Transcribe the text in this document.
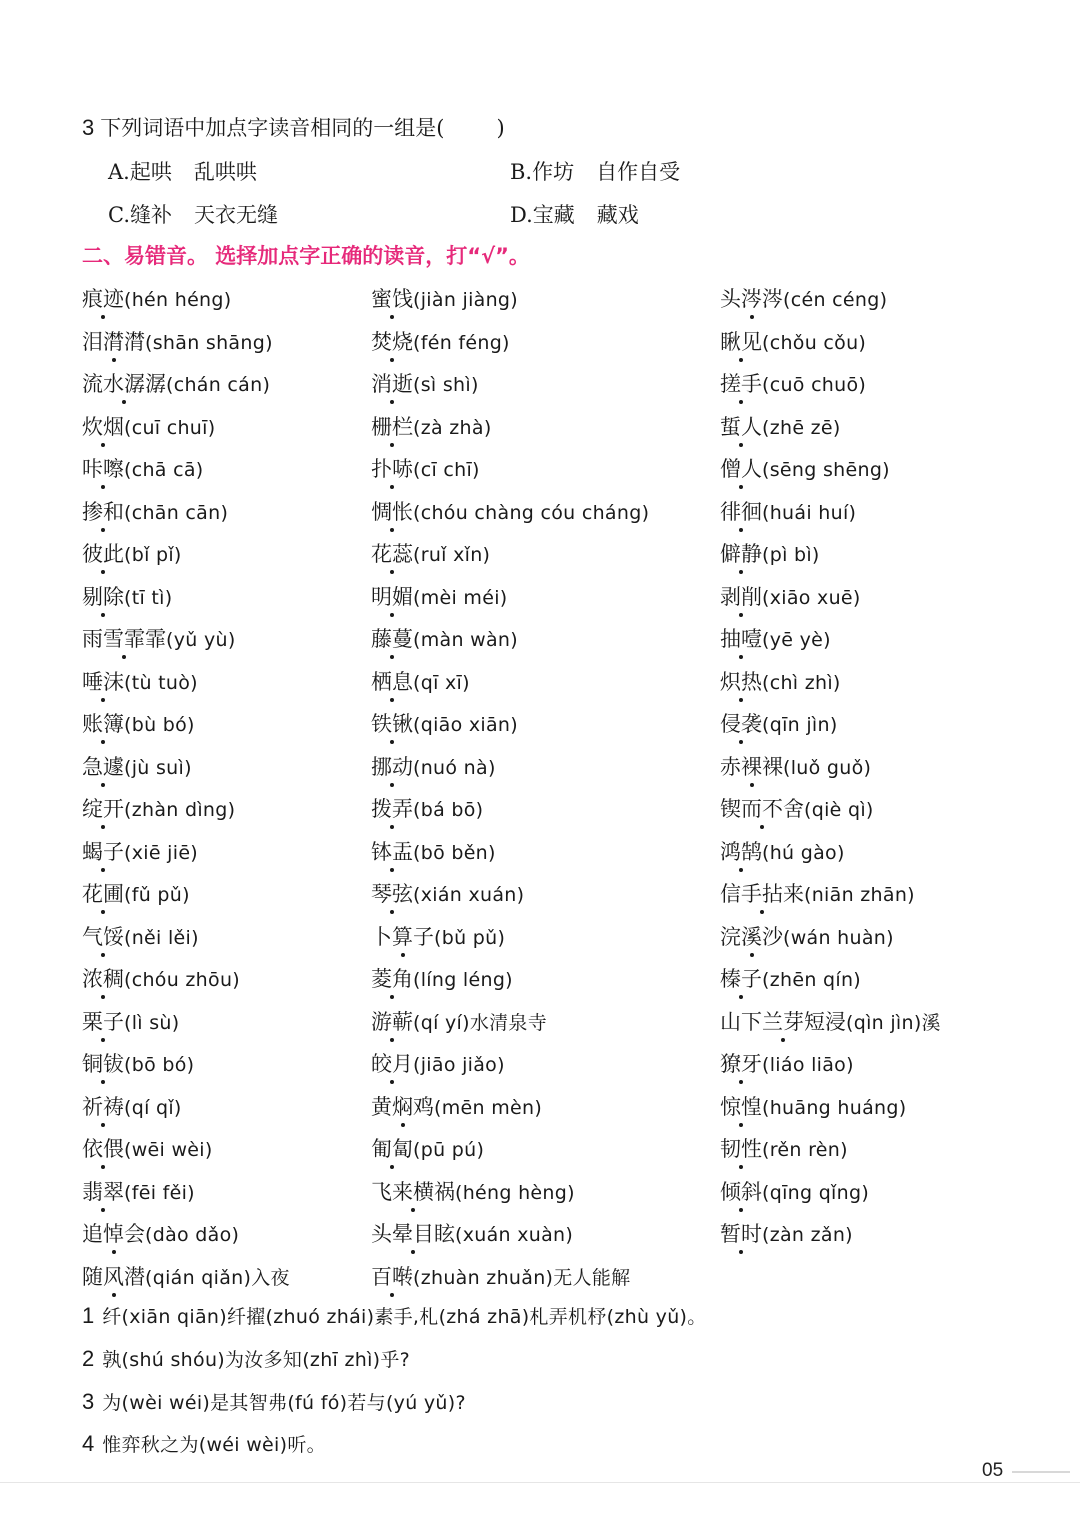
3 下列词语中加点字读音相同的一组是( )
A.起哄 乱哄哄	B.作坊 自作自受
C.缝补 天衣无缝	D.宝藏 藏戏
二、易错音。 选择加点字正确的读音，打“√”。
痕迹(hén héng)	蜜饯(jiàn jiàng)	头涔涔(cén céng)
泪潸潸(shān shāng)	焚烧(fén féng)	瞅见(chǒu cǒu)
流水潺潺(chán cán)	消逝(sì shì)	搓手(cuō chuō)
炊烟(cuī chuī)	栅栏(zà zhà)	蜇人(zhē zē)
咔嚓(chā cā)	扑哧(cī chī)	僧人(sēng shēng)
掺和(chān cān)	惆怅(chóu chàng cóu cháng)	徘徊(huái huí)
彼此(bǐ pǐ)	花蕊(ruǐ xǐn)	僻静(pì bì)
剔除(tī tì)	明媚(mèi méi)	剥削(xiāo xuē)
雨雪霏霏(yǔ yù)	藤蔓(màn wàn)	抽噎(yē yè)
唾沫(tù tuò)	栖息(qī xī)	炽热(chì zhì)
账簿(bù bó)	铁锹(qiāo xiān)	侵袭(qīn jìn)
急遽(jù suì)	挪动(nuó nà)	赤裸裸(luǒ guǒ)
绽开(zhàn dìng)	拨弄(bá bō)	锲而不舍(qiè qì)
蝎子(xiē jiē)	钵盂(bō běn)	鸿鹄(hú gào)
花圃(fǔ pǔ)	琴弦(xián xuán)	信手拈来(niān zhān)
气馁(něi lěi)	卜算子(bǔ pǔ)	浣溪沙(wán huàn)
浓稠(chóu zhōu)	菱角(líng léng)	榛子(zhēn qín)
栗子(lì sù)	游蕲(qí yí)水清泉寺	山下兰芽短浸(qìn jìn)溪
铜钹(bō bó)	皎月(jiāo jiǎo)	獠牙(liáo liāo)
祈祷(qí qǐ)	黄焖鸡(mēn mèn)	惊惶(huāng huáng)
依偎(wēi wèi)	匍匐(pū pú)	韧性(rěn rèn)
翡翠(fēi fěi)	飞来横祸(héng hèng)	倾斜(qīng qǐng)
追悼会(dào dǎo)	头晕目眩(xuán xuàn)	暂时(zàn zǎn)
随风潜(qián qiǎn)入夜	百啭(zhuàn zhuǎn)无人能解
1 纤(xiān qiān)纤擢(zhuó zhái)素手,札(zhá zhā)札弄机杼(zhù yǔ)。
2 孰(shú shóu)为汝多知(zhī zhì)乎?
3 为(wèi wéi)是其智弗(fú fó)若与(yú yǔ)?
4 惟弈秋之为(wéi wèi)听。
05
